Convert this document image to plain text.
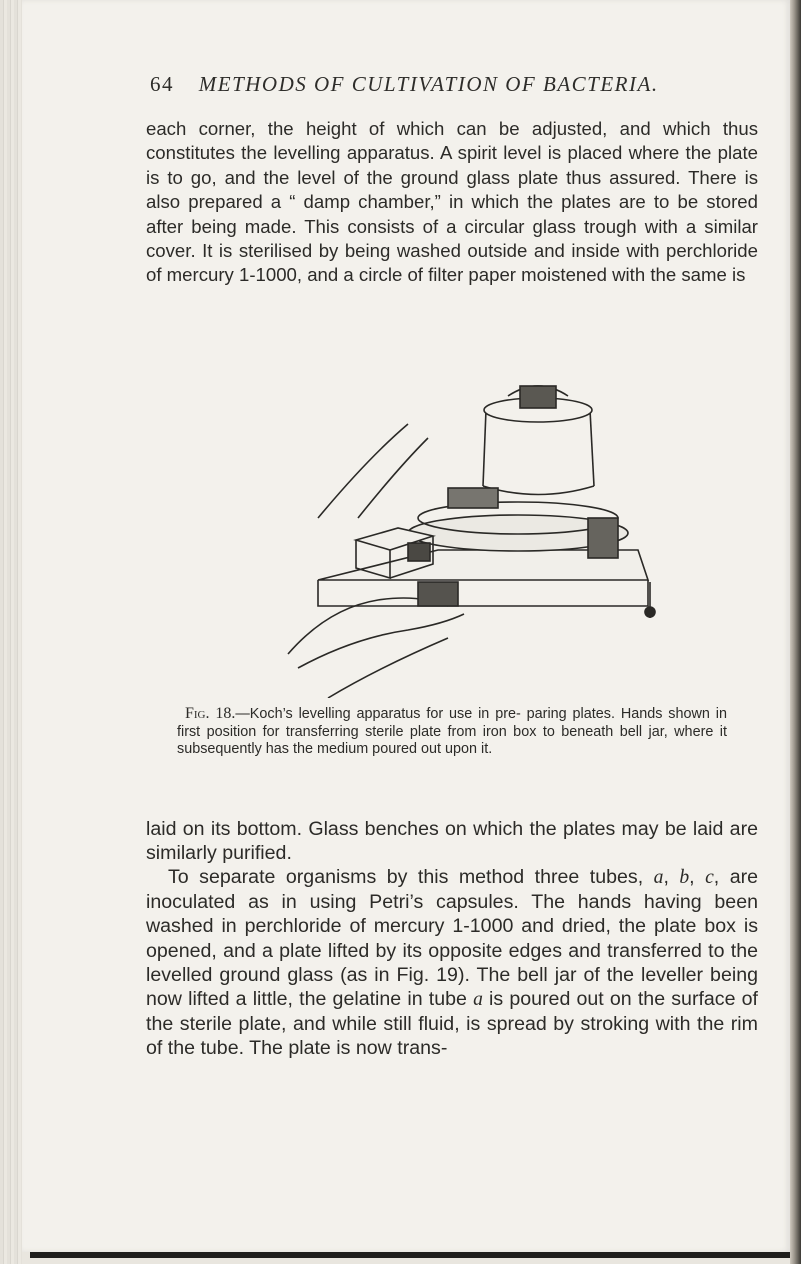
64 METHODS OF CULTIVATION OF BACTERIA.
each corner, the height of which can be adjusted, and which thus constitutes the levelling apparatus. A spirit level is placed where the plate is to go, and the level of the ground glass plate thus assured. There is also prepared a “ damp chamber,” in which the plates are to be stored after being made. This consists of a circular glass trough with a similar cover. It is sterilised by being washed outside and inside with perchloride of mercury 1-1000, and a circle of filter paper moistened with the same is
Fig. 18.—Koch’s levelling apparatus for use in pre- paring plates. Hands shown in first position for transferring sterile plate from iron box to beneath bell jar, where it subsequently has the medium poured out upon it.
laid on its bottom. Glass benches on which the plates may be laid are similarly purified.
To separate organisms by this method three tubes, a, b, c, are inoculated as in using Petri’s capsules. The hands having been washed in perchloride of mercury 1-1000 and dried, the plate box is opened, and a plate lifted by its opposite edges and transferred to the levelled ground glass (as in Fig. 19). The bell jar of the leveller being now lifted a little, the gelatine in tube a is poured out on the surface of the sterile plate, and while still fluid, is spread by stroking with the rim of the tube. The plate is now trans-
